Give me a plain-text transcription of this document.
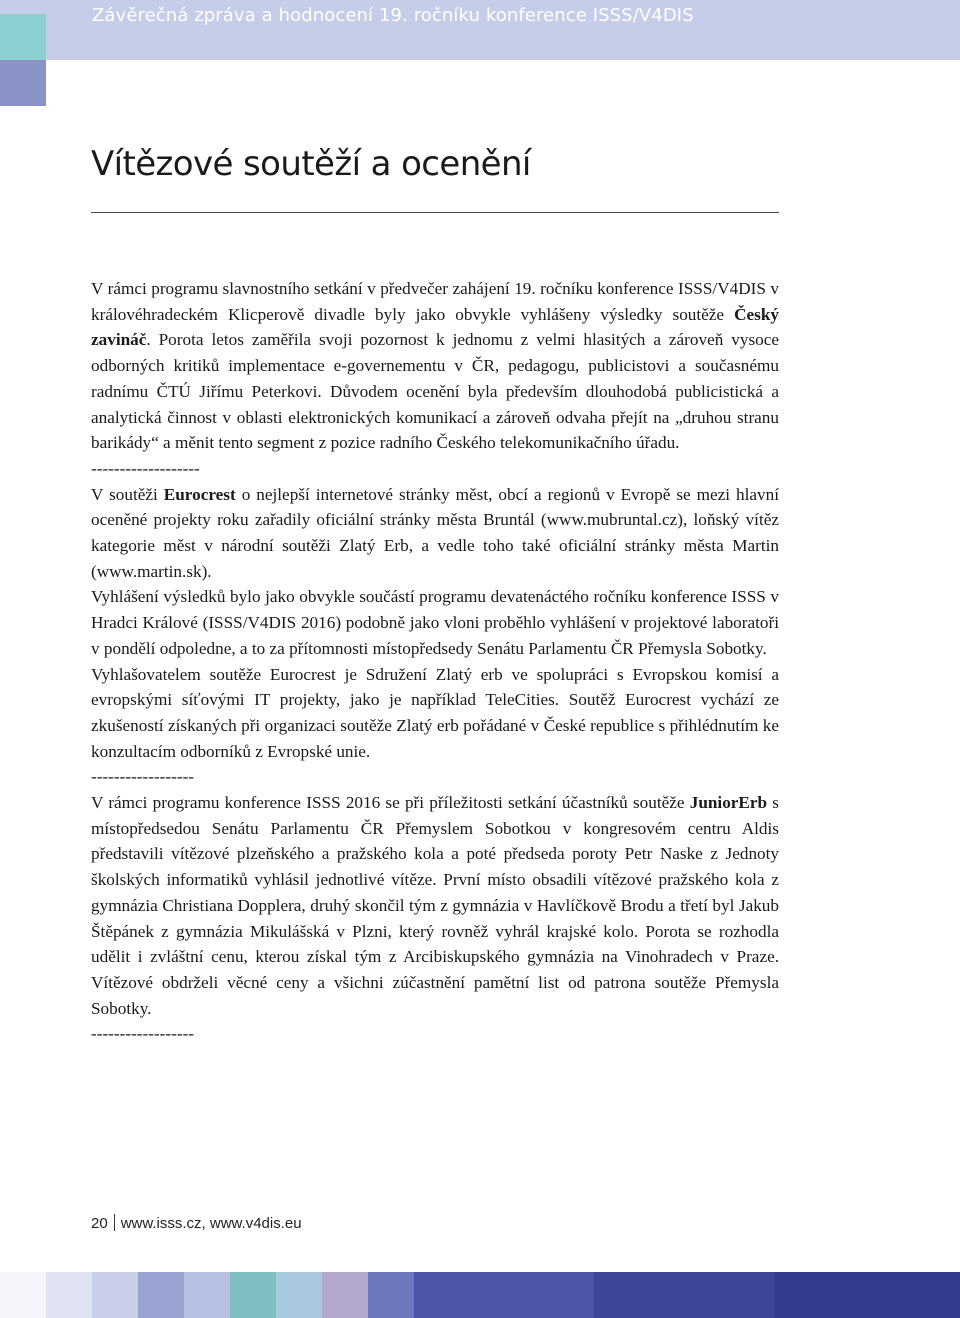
Závěrečná zpráva a hodnocení 19. ročníku konference ISSS/V4DIS
Vítězové soutěží a ocenění

V rámci programu slavnostního setkání v předvečer zahájení 19. ročníku konference ISSS/V4DIS v královéhradeckém Klicperově divadle byly jako obvykle vyhlášeny výsledky soutěže Český zavináč. Porota letos zaměřila svoji pozornost k jednomu z velmi hlasitých a zároveň vysoce odborných kritiků implementace e-governementu v ČR, pedagogu, publicistovi a současnému radnímu ČTÚ Jiřímu Peterkovi. Důvodem ocenění byla především dlouhodobá publicistická a analytická činnost v oblasti elektronických komunikací a zároveň odvaha přejít na „druhou stranu barikády“ a měnit tento segment z pozice radního Českého telekomunikačního úřadu.

-------------------

V soutěži Eurocrest o nejlepší internetové stránky měst, obcí a regionů v Evropě se mezi hlavní oceněné projekty roku zařadily oficiální stránky města Bruntál (www.mubruntal.cz), loňský vítěz kategorie měst v národní soutěži Zlatý Erb, a vedle toho také oficiální stránky města Martin (www.martin.sk).

Vyhlášení výsledků bylo jako obvykle součástí programu devatenáctého ročníku konference ISSS v Hradci Králové (ISSS/V4DIS 2016) podobně jako vloni proběhlo vyhlášení v projektové laboratoři v pondělí odpoledne, a to za přítomnosti místopředsedy Senátu Parlamentu ČR Přemysla Sobotky.

Vyhlašovatelem soutěže Eurocrest je Sdružení Zlatý erb ve spolupráci s Evropskou komisí a evropskými síťovými IT projekty, jako je například TeleCities. Soutěž Eurocrest vychází ze zkušeností získaných při organizaci soutěže Zlatý erb pořádané v České republice s přihlédnutím ke konzultacím odborníků z Evropské unie.

------------------

V rámci programu konference ISSS 2016 se při příležitosti setkání účastníků soutěže JuniorErb s místopředsedou Senátu Parlamentu ČR Přemyslem Sobotkou v kongresovém centru Aldis představili vítězové plzeňského a pražského kola a poté předseda poroty Petr Naske z Jednoty školských informatiků vyhlásil jednotlivé vítěze. První místo obsadili vítězové pražského kola z gymnázia Christiana Dopplera, druhý skončil tým z gymnázia v Havlíčkově Brodu a třetí byl Jakub Štěpánek z gymnázia Mikulášská v Plzni, který rovněž vyhrál krajské kolo. Porota se rozhodla udělit i zvláštní cenu, kterou získal tým z Arcibiskupského gymnázia na Vinohradech v Praze. Vítězové obdrželi věcné ceny a všichni zúčastnění pamětní list od patrona soutěže Přemysla Sobotky.

------------------

20 www.isss.cz, www.v4dis.eu
